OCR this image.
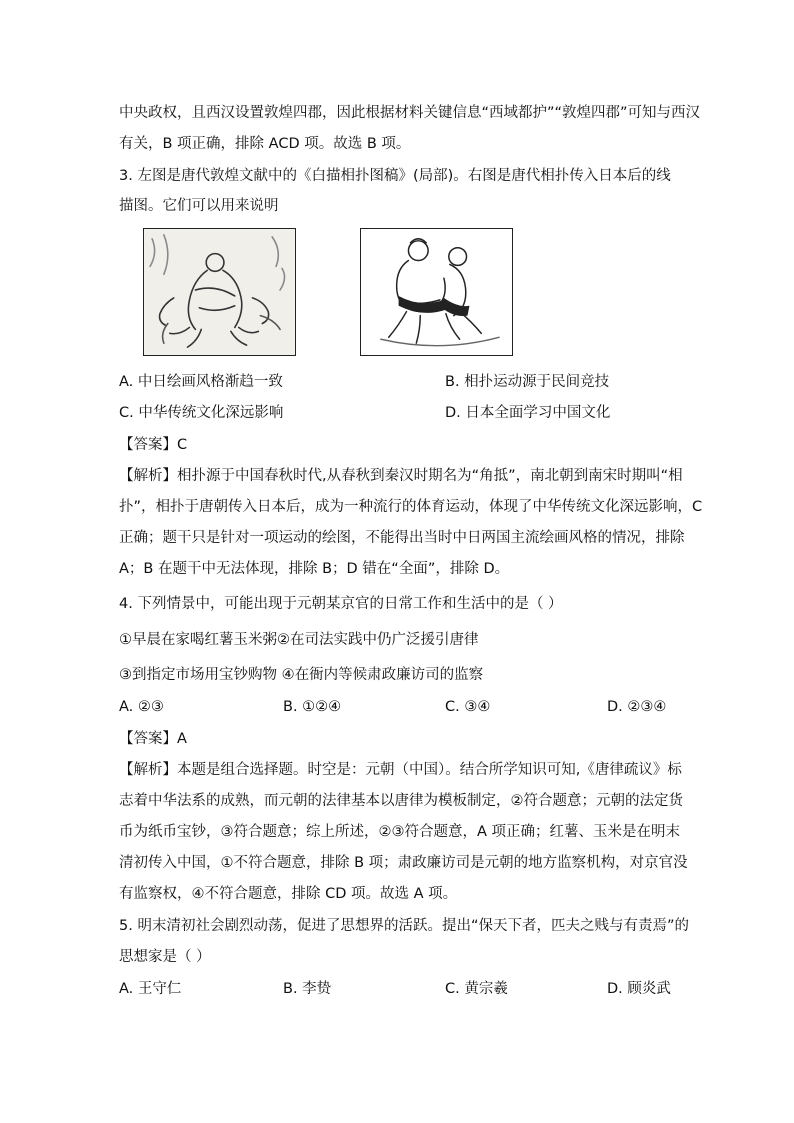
中央政权，且西汉设置敦煌四郡，因此根据材料关键信息“西域都护”“敦煌四郡”可知与西汉
有关，B 项正确，排除 ACD 项。故选 B 项。
3. 左图是唐代敦煌文献中的《白描相扑图稿》(局部)。右图是唐代相扑传入日本后的线
描图。它们可以用来说明
A. 中日绘画风格渐趋一致	B. 相扑运动源于民间竞技
C. 中华传统文化深远影响	D. 日本全面学习中国文化
【答案】C
【解析】相扑源于中国春秋时代,从春秋到秦汉时期名为“角抵”，南北朝到南宋时期叫“相
扑”，相扑于唐朝传入日本后，成为一种流行的体育运动，体现了中华传统文化深远影响，C
正确；题干只是针对一项运动的绘图，不能得出当时中日两国主流绘画风格的情况，排除
A；B 在题干中无法体现，排除 B；D 错在“全面”，排除 D。
4. 下列情景中，可能出现于元朝某京官的日常工作和生活中的是（ ）
①早晨在家喝红薯玉米粥②在司法实践中仍广泛援引唐律
③到指定市场用宝钞购物 ④在衙内等候肃政廉访司的监察
A. ②③	B. ①②④	C. ③④	D. ②③④
【答案】A
【解析】本题是组合选择题。时空是：元朝（中国）。结合所学知识可知,《唐律疏议》标
志着中华法系的成熟，而元朝的法律基本以唐律为模板制定，②符合题意；元朝的法定货
币为纸币宝钞，③符合题意；综上所述，②③符合题意，A 项正确；红薯、玉米是在明末
清初传入中国，①不符合题意，排除 B 项；肃政廉访司是元朝的地方监察机构，对京官没
有监察权，④不符合题意，排除 CD 项。故选 A 项。
5. 明末清初社会剧烈动荡，促进了思想界的活跃。提出“保天下者，匹夫之贱与有责焉”的
思想家是（ ）
A. 王守仁	B. 李贽	C. 黄宗羲	D. 顾炎武
